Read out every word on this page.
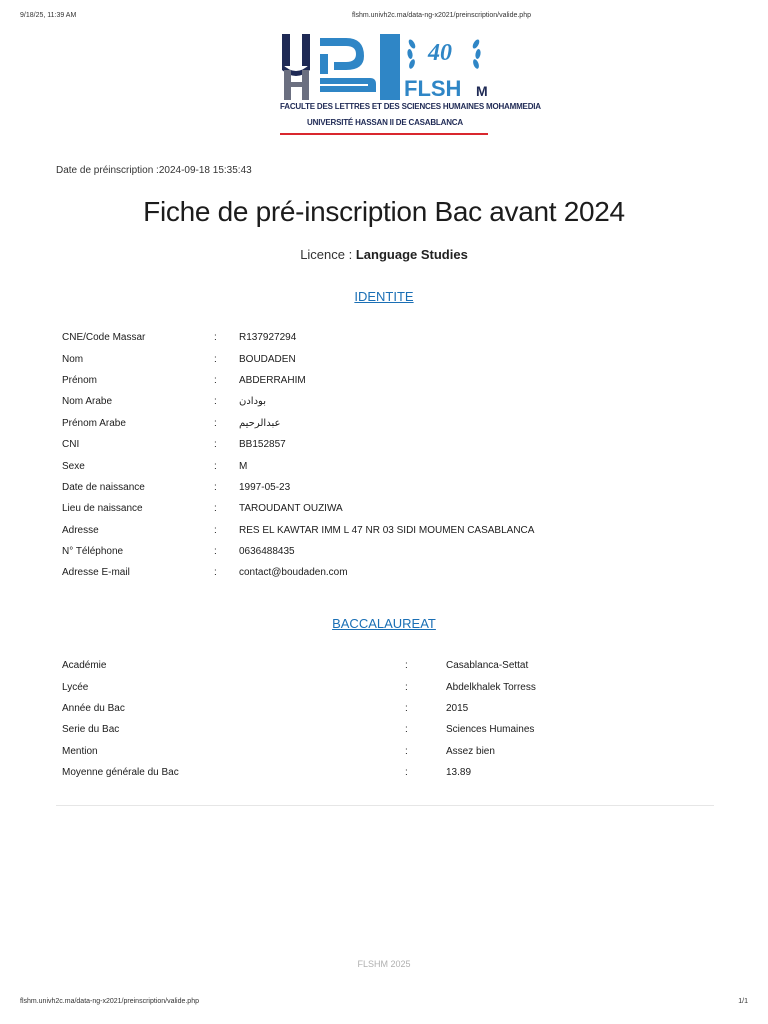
9/18/25, 11:39 AM	flshm.univh2c.ma/data-ng-x2021/preinscription/valide.php
40
FLSH M
FACULTE DES LETTRES ET DES SCIENCES HUMAINES MOHAMMEDIA
UNIVERSITÉ HASSAN II DE CASABLANCA
Date de préinscription :2024-09-18 15:35:43
Fiche de pré-inscription Bac avant 2024
Licence : Language Studies
IDENTITE
CNE/Code Massar	:	R137927294
Nom	:	BOUDADEN
Prénom	:	ABDERRAHIM
Nom Arabe	:	بودادن
Prénom Arabe	:	عبدالرحيم
CNI	:	BB152857
Sexe	:	M
Date de naissance	:	1997-05-23
Lieu de naissance	:	TAROUDANT OUZIWA
Adresse	:	RES EL KAWTAR IMM L 47 NR 03 SIDI MOUMEN CASABLANCA
N° Téléphone	:	0636488435
Adresse E-mail	:	contact@boudaden.com
BACCALAUREAT
Académie	:	Casablanca-Settat
Lycée	:	Abdelkhalek Torress
Année du Bac	:	2015
Serie du Bac	:	Sciences Humaines
Mention	:	Assez bien
Moyenne générale du Bac	:	13.89
FLSHM 2025
flshm.univh2c.ma/data-ng-x2021/preinscription/valide.php	1/1
